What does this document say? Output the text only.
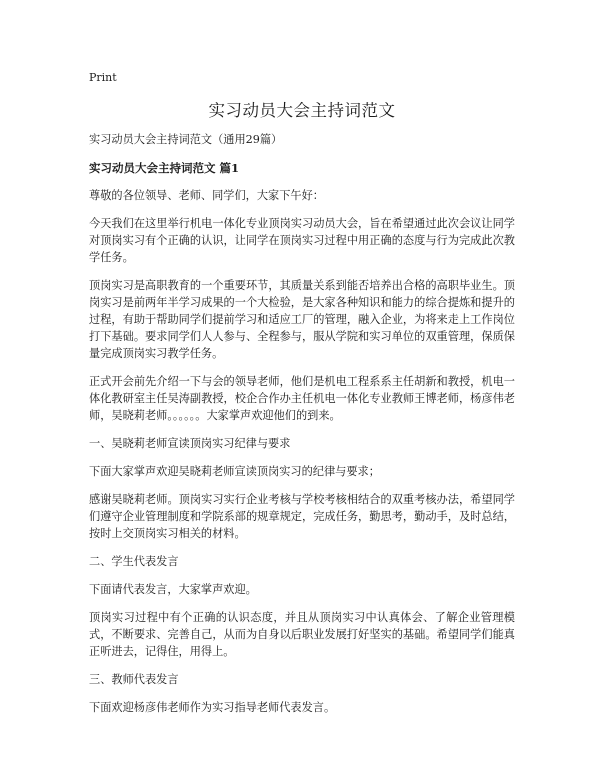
Print
实习动员大会主持词范文

实习动员大会主持词范文（通用29篇）

实习动员大会主持词范文 篇1

尊敬的各位领导、老师、同学们，大家下午好：

今天我们在这里举行机电一体化专业顶岗实习动员大会，旨在希望通过此次会议让同学对顶岗实习有个正确的认识，让同学在顶岗实习过程中用正确的态度与行为完成此次教学任务。

顶岗实习是高职教育的一个重要环节，其质量关系到能否培养出合格的高职毕业生。顶岗实习是前两年半学习成果的一个大检验，是大家各种知识和能力的综合提炼和提升的过程，有助于帮助同学们提前学习和适应工厂的管理，融入企业，为将来走上工作岗位打下基础。要求同学们人人参与、全程参与，服从学院和实习单位的双重管理，保质保量完成顶岗实习教学任务。

正式开会前先介绍一下与会的领导老师，他们是机电工程系系主任胡新和教授，机电一体化教研室主任吴涛副教授，校企合作办主任机电一体化专业教师王博老师，杨彦伟老师，吴晓莉老师。。。。。。大家掌声欢迎他们的到来。

一、吴晓莉老师宣读顶岗实习纪律与要求

下面大家掌声欢迎吴晓莉老师宣读顶岗实习的纪律与要求；

感谢吴晓莉老师。顶岗实习实行企业考核与学校考核相结合的双重考核办法，希望同学们遵守企业管理制度和学院系部的规章规定，完成任务，勤思考，勤动手，及时总结，按时上交顶岗实习相关的材料。

二、学生代表发言

下面请代表发言，大家掌声欢迎。

顶岗实习过程中有个正确的认识态度，并且从顶岗实习中认真体会、了解企业管理模式，不断要求、完善自己，从而为自身以后职业发展打好坚实的基础。希望同学们能真正听进去，记得住，用得上。

三、教师代表发言

下面欢迎杨彦伟老师作为实习指导老师代表发言。
